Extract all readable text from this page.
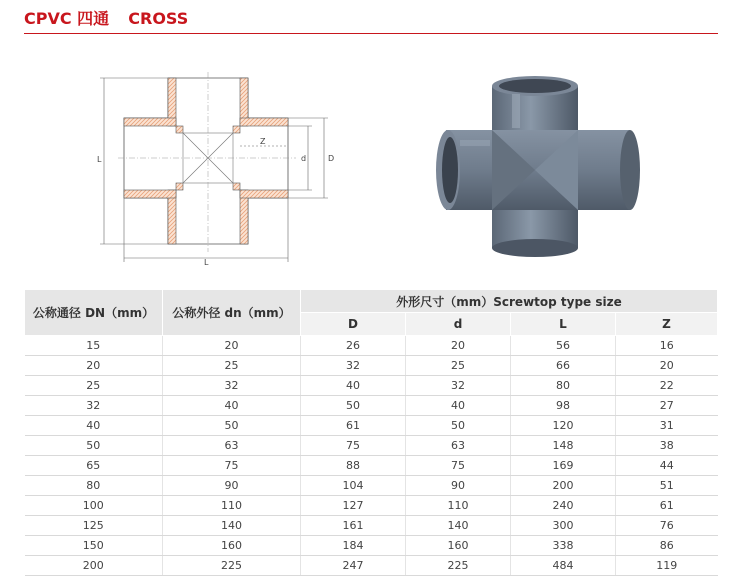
CPVC 四通 CROSS
L
L
Z
d	D
公称通径 DN（mm）	公称外径 dn（mm）	外形尺寸（mm）Screwtop type size			
		D	d	L	Z
15	20	26	20	56	16
20	25	32	25	66	20
25	32	40	32	80	22
32	40	50	40	98	27
40	50	61	50	120	31
50	63	75	63	148	38
65	75	88	75	169	44
80	90	104	90	200	51
100	110	127	110	240	61
125	140	161	140	300	76
150	160	184	160	338	86
200	225	247	225	484	119
